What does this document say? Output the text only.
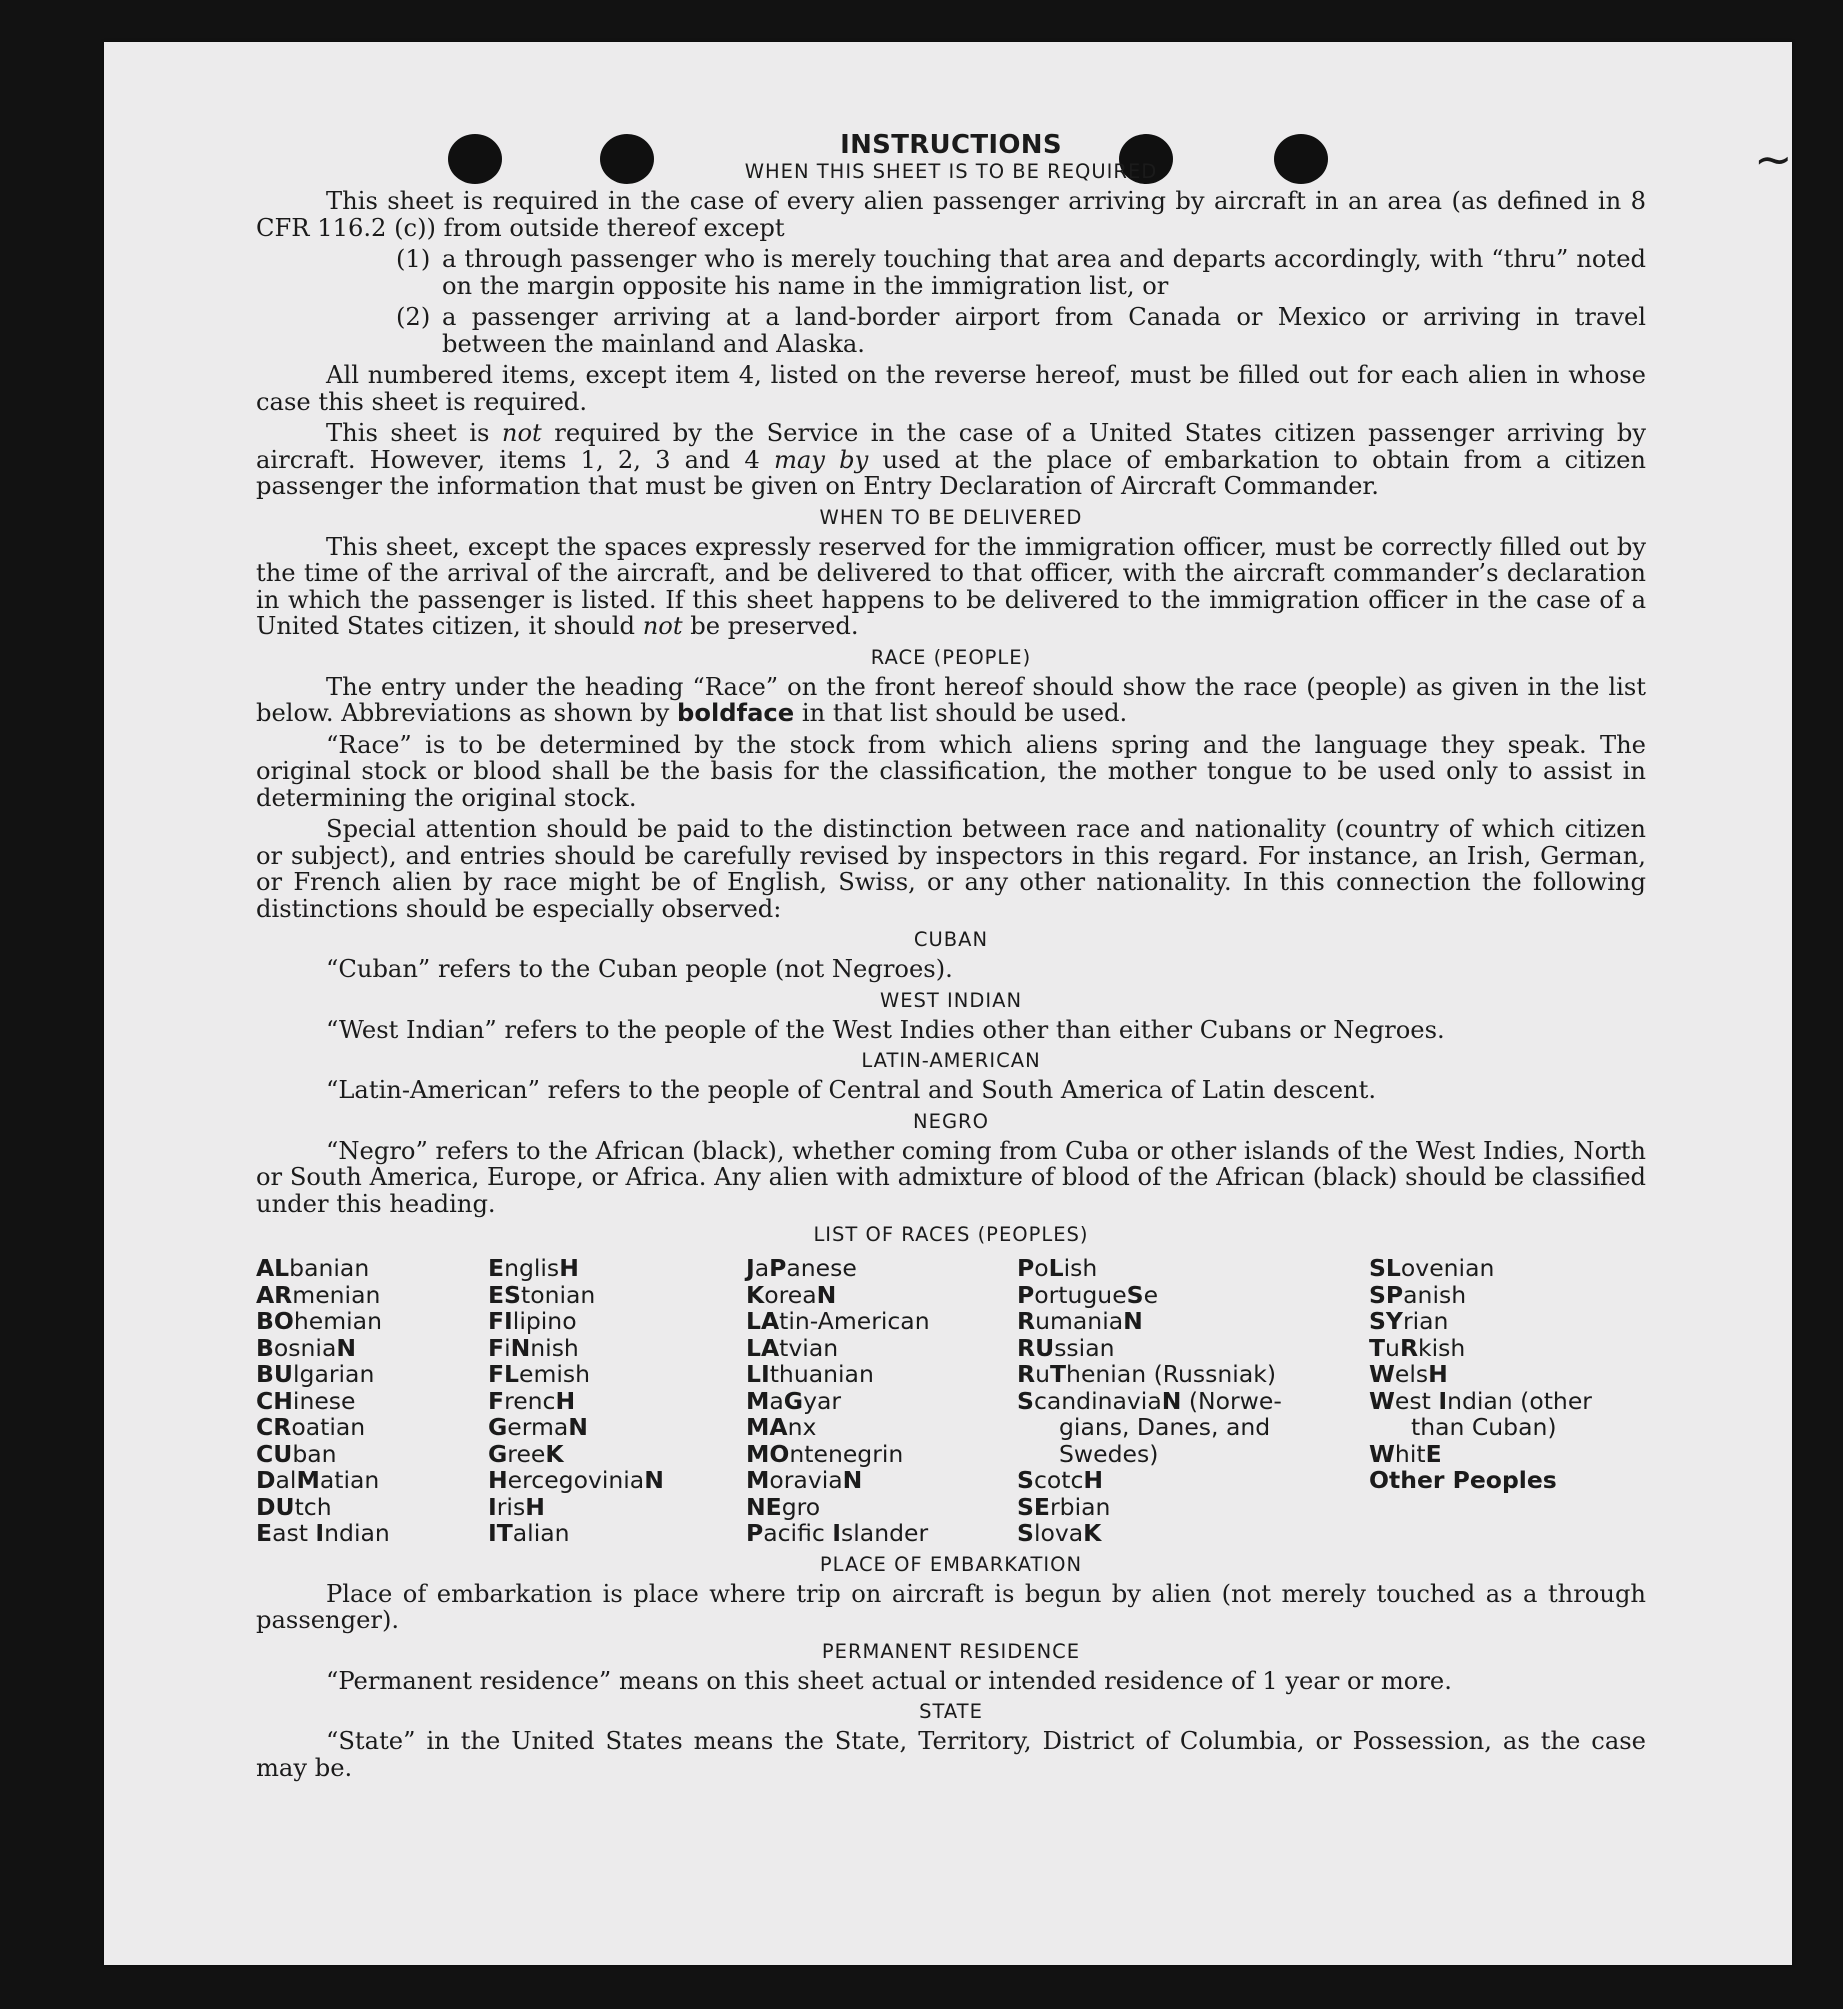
~
INSTRUCTIONS
WHEN THIS SHEET IS TO BE REQUIRED

This sheet is required in the case of every alien passenger arriving by aircraft in an area (as defined in 8 CFR 116.2 (c)) from outside thereof except

(1) a through passenger who is merely touching that area and departs accordingly, with “thru” noted on the margin opposite his name in the immigration list, or
(2) a passenger arriving at a land-border airport from Canada or Mexico or arriving in travel between the mainland and Alaska.

All numbered items, except item 4, listed on the reverse hereof, must be filled out for each alien in whose case this sheet is required.

This sheet is not required by the Service in the case of a United States citizen passenger arriving by aircraft. However, items 1, 2, 3 and 4 may by used at the place of embarkation to obtain from a citizen passenger the information that must be given on Entry Declaration of Aircraft Commander.

WHEN TO BE DELIVERED

This sheet, except the spaces expressly reserved for the immigration officer, must be correctly filled out by the time of the arrival of the aircraft, and be delivered to that officer, with the aircraft commander’s declaration in which the passenger is listed. If this sheet happens to be delivered to the immigration officer in the case of a United States citizen, it should not be preserved.

RACE (PEOPLE)

The entry under the heading “Race” on the front hereof should show the race (people) as given in the list below. Abbreviations as shown by boldface in that list should be used.

“Race” is to be determined by the stock from which aliens spring and the language they speak. The original stock or blood shall be the basis for the classification, the mother tongue to be used only to assist in determining the original stock.

Special attention should be paid to the distinction between race and nationality (country of which citizen or subject), and entries should be carefully revised by inspectors in this regard. For instance, an Irish, German, or French alien by race might be of English, Swiss, or any other nationality. In this connection the following distinctions should be especially observed:

CUBAN
“Cuban” refers to the Cuban people (not Negroes).
WEST INDIAN
“West Indian” refers to the people of the West Indies other than either Cubans or Negroes.
LATIN-AMERICAN
“Latin-American” refers to the people of Central and South America of Latin descent.
NEGRO

“Negro” refers to the African (black), whether coming from Cuba or other islands of the West Indies, North or South America, Europe, or Africa. Any alien with admixture of blood of the African (black) should be classified under this heading.

LIST OF RACES (PEOPLES)
ALbanian
ARmenian
BOhemian
BosniaN
BUlgarian
CHinese
CRoatian
CUban
DalMatian
DUtch
East Indian
EnglisH
EStonian
FIlipino
FiNnish
FLemish
FrencH
GermaN
GreeK
HercegoviniaN
IrisH
ITalian
JaPanese
KoreaN
LAtin-American
LAtvian
LIthuanian
MaGyar
MAnx
MOntenegrin
MoraviaN
NEgro
Pacific Islander
PoLish
PortugueSe
RumaniaN
RUssian
RuThenian (Russniak)
ScandinaviaN (Norwe-
gians, Danes, and
Swedes)
ScotcH
SErbian
SlovaK
SLovenian
SPanish
SYrian
TuRkish
WelsH
West Indian (other
than Cuban)
WhitE
Other Peoples
PLACE OF EMBARKATION

Place of embarkation is place where trip on aircraft is begun by alien (not merely touched as a through passenger).

PERMANENT RESIDENCE

“Permanent residence” means on this sheet actual or intended residence of 1 year or more.

STATE

“State” in the United States means the State, Territory, District of Columbia, or Possession, as the case may be.
